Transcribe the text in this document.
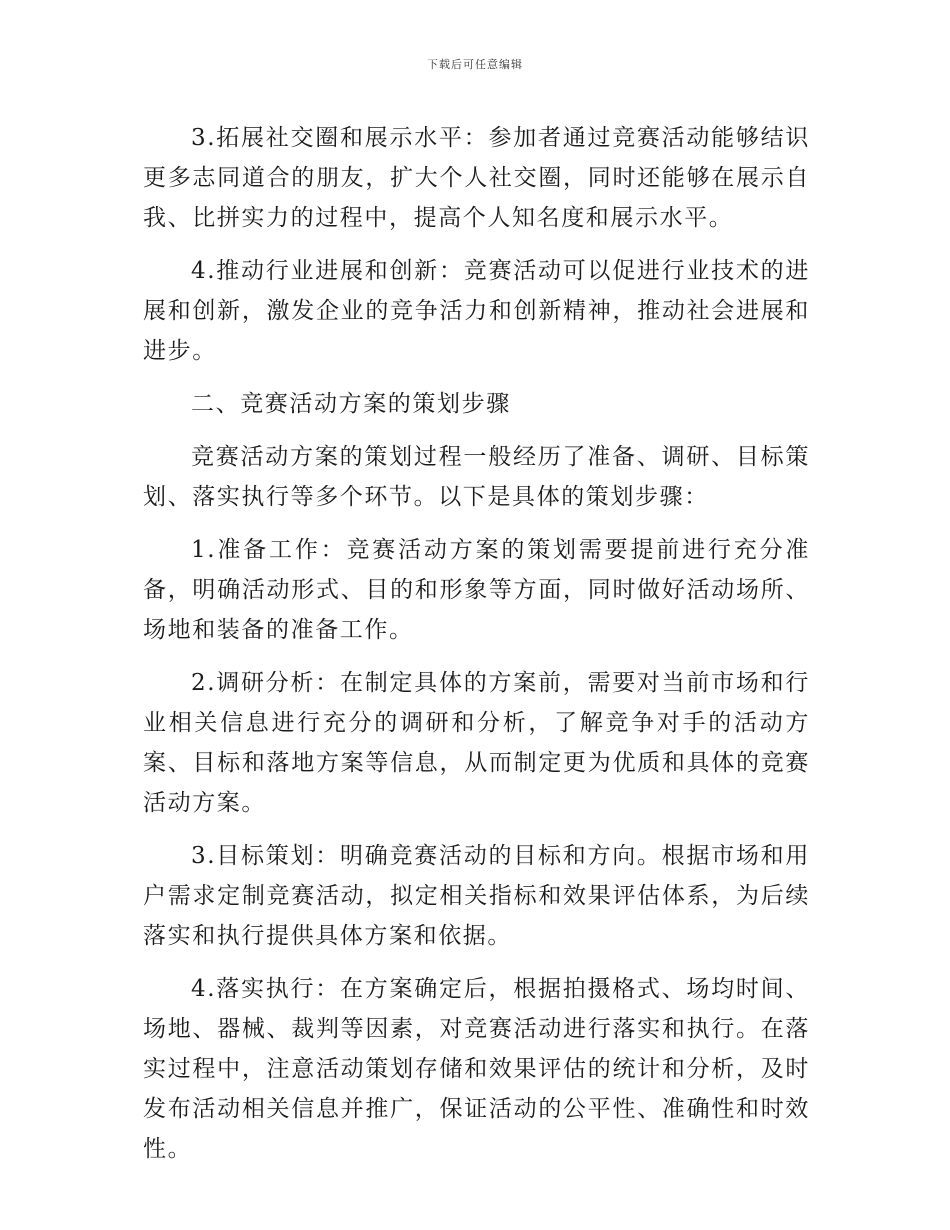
下载后可任意编辑

3.拓展社交圈和展示水平：参加者通过竞赛活动能够结识更多志同道合的朋友，扩大个人社交圈，同时还能够在展示自我、比拼实力的过程中，提高个人知名度和展示水平。

4.推动行业进展和创新：竞赛活动可以促进行业技术的进展和创新，激发企业的竞争活力和创新精神，推动社会进展和进步。

二、竞赛活动方案的策划步骤

竞赛活动方案的策划过程一般经历了准备、调研、目标策划、落实执行等多个环节。以下是具体的策划步骤：

1.准备工作：竞赛活动方案的策划需要提前进行充分准备，明确活动形式、目的和形象等方面，同时做好活动场所、场地和装备的准备工作。

2.调研分析：在制定具体的方案前，需要对当前市场和行业相关信息进行充分的调研和分析，了解竞争对手的活动方案、目标和落地方案等信息，从而制定更为优质和具体的竞赛活动方案。

3.目标策划：明确竞赛活动的目标和方向。根据市场和用户需求定制竞赛活动，拟定相关指标和效果评估体系，为后续落实和执行提供具体方案和依据。

4.落实执行：在方案确定后，根据拍摄格式、场均时间、场地、器械、裁判等因素，对竞赛活动进行落实和执行。在落实过程中，注意活动策划存储和效果评估的统计和分析，及时发布活动相关信息并推广，保证活动的公平性、准确性和时效性。
